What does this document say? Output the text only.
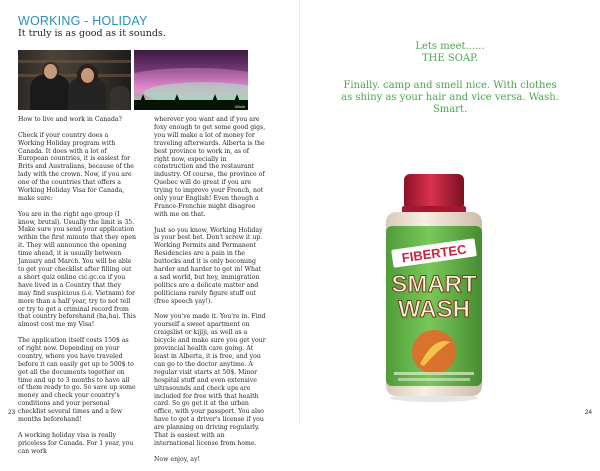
WORKING - HOLIDAY
It truly is as good as it sounds.
Ullisle

How to live and work in Canada?

Check if your country does a Working Holiday program with Canada. It does with a lot of European countries, it is easiest for Brits and Australians, because of the lady with the crown. Now, if you are one of the countries that offers a Working Holiday Visa for Canada, make sure:

You are in the right age group (I know, brutal). Usually the limit is 35. Make sure you send your application within the first minute that they open it. They will announce the opening time ahead, it is usually between January and March. You will be able to get your checklist after filling out a short quiz online cic.gc.ca if you have lived in a Country that they may find suspicious (i.e. Vietnam) for more than a half year, try to not tell or try to get a criminal record from that country beforehand (ha,ha). This almost cost me my Visa!

The application itself costs 150$ as of right now. Depending on your country, where you have traveled before it can easily get up to 500$ to get all the documents together on time and up to 3 months to have all of them ready to go. So save up some money and check your country's conditions and your personal checklist several times and a few months beforehand!

A working holiday visa is really priceless for Canada. For 1 year, you can work

wherever you want and if you are foxy enough to get some good gigs, you will make a lot of money for traveling afterwards. Alberta is the best province to work in, as of right now, especially in construction and the restaurant industry. Of course, the province of Quebec will do great if you are trying to improve your French, not only your English! Even though a France-Frenchie might disagree with me on that.

Just so you know, Working Holiday is your best bet. Don't screw it up. Working Permits and Permanent Residencies are a pain in the buttocks and it is only becoming harder and harder to get in! What a sad world, but hey, immigration politics are a delicate matter and politicians rarely figure stuff out (free speech yay!).

Now you've made it. You're in. Find yourself a sweet apartment on craigslist or kijiji, as well as a bicycle and make sure you get your provincial health care going. At least in Alberta, it is free, and you can go to the doctor anytime. A regular visit starts at 50$. Minor hospital stuff and even extensive ultrasounds and check ups are included for free with that health card. So go get it at the urban office, with your passport. You also have to get a driver's license if you are planning on driving regularly. That is easiest with an international license from home.

Now enjoy, ay!

23
Lets meet......
THE SOAP.
Finally. camp and smell nice. With clothes
as shiny as your hair and vice versa. Wash.
Smart.
FIBERTEC
SMART
WASH
24
